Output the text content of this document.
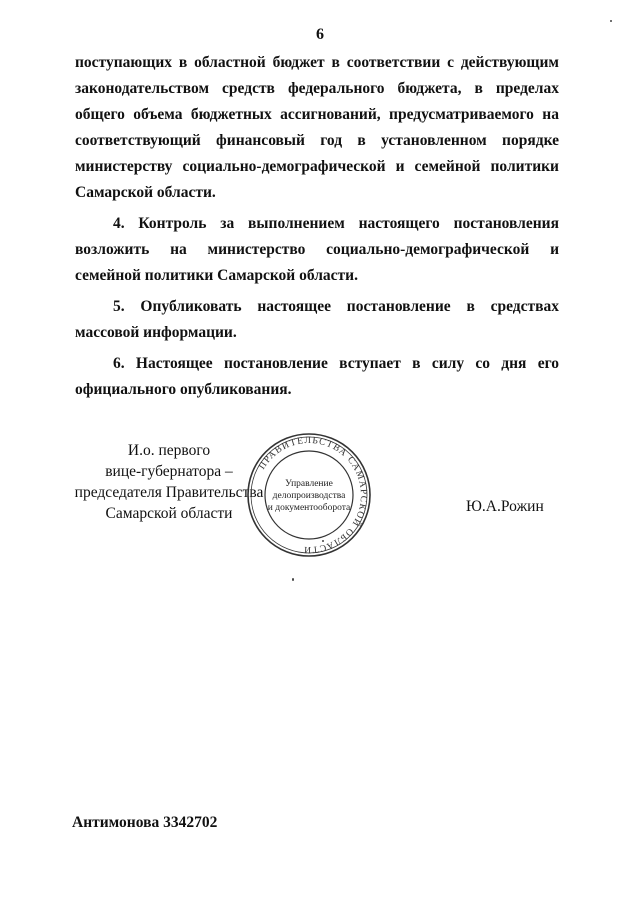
6

поступающих в областной бюджет в соответствии с действующим законодательством средств федерального бюджета, в пределах общего объема бюджетных ассигнований, предусматриваемого на соответствующий финансовый год в установленном порядке министерству социально-демографической и семейной политики Самарской области.

4. Контроль за выполнением настоящего постановления возложить на министерство социально-демографической и семейной политики Самарской области.

5. Опубликовать настоящее постановление в средствах массовой информации.

6. Настоящее постановление вступает в силу со дня его официального опубликования.

И.о. первого
вице-губернатора –
председателя Правительства
Самарской области
ПРАВИТЕЛЬСТВА САМАРСКОЙ ОБЛАСТИ
Управление
делопроизводства
и документооборота	Ю.А.Рожин
Антимонова 3342702
